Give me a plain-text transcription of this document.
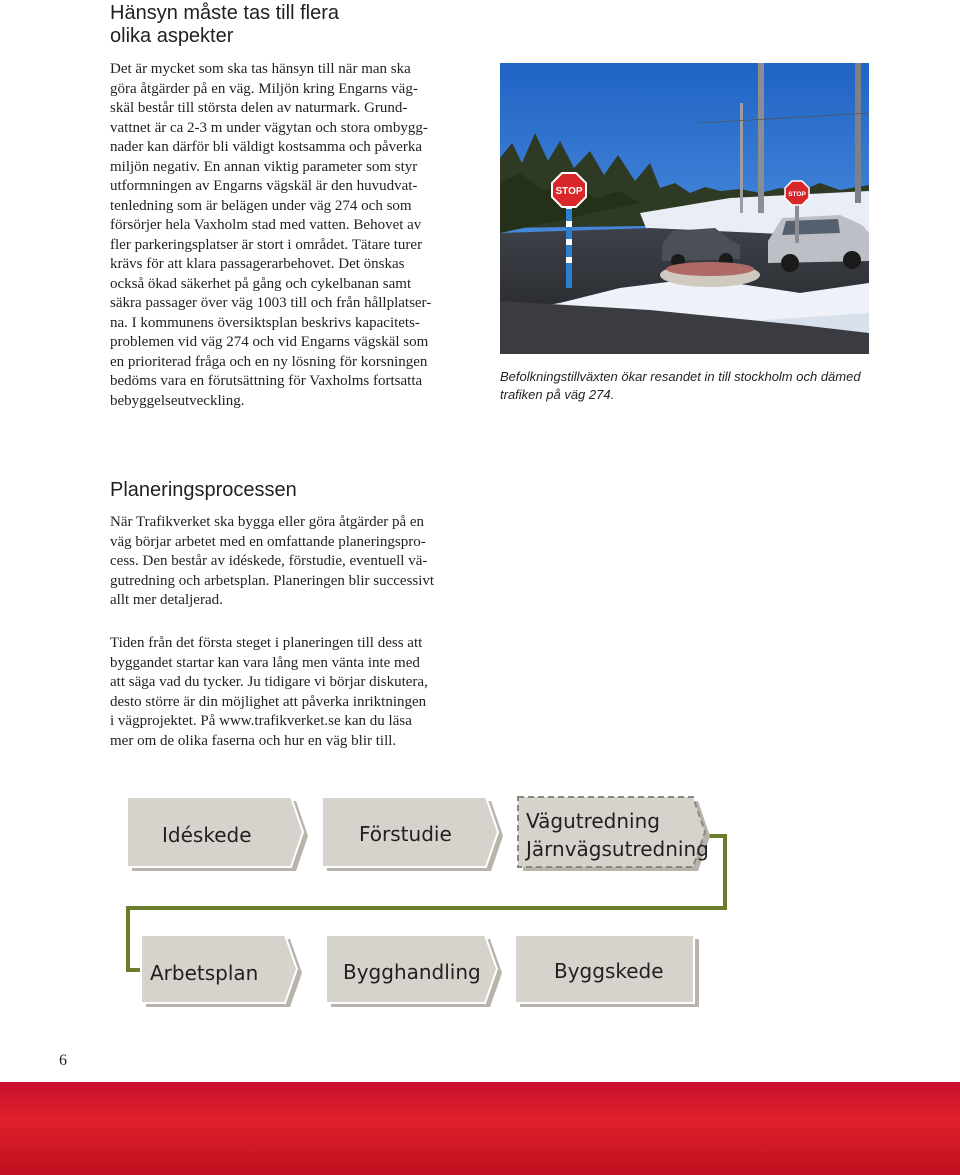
Hänsyn måste tas till flera
olika aspekter

Det är mycket som ska tas hänsyn till när man ska
göra åtgärder på en väg. Miljön kring Engarns väg-
skäl består till största delen av naturmark. Grund-
vattnet är ca 2-3 m under vägytan och stora ombygg-
nader kan därför bli väldigt kostsamma och påverka
miljön negativ. En annan viktig parameter som styr
utformningen av Engarns vägskäl är den huvudvat-
tenledning som är belägen under väg 274 och som
försörjer hela Vaxholm stad med vatten. Behovet av
fler parkeringsplatser är stort i området. Tätare turer
krävs för att klara passagerarbehovet. Det önskas
också ökad säkerhet på gång och cykelbanan samt
säkra passager över väg 1003 till och från hållplatser-
na. I kommunens översiktsplan beskrivs kapacitets-
problemen vid väg 274 och vid Engarns vägskäl som
en prioriterad fråga och en ny lösning för korsningen
bedöms vara en förutsättning för Vaxholms fortsatta
bebyggelseutveckling.

STOP	STOP

Befolkningstillväxten ökar resandet in till stockholm och dämed
trafiken på väg 274.

Planeringsprocessen

När Trafikverket ska bygga eller göra åtgärder på en
väg börjar arbetet med en omfattande planeringspro-
cess. Den består av idéskede, förstudie, eventuell vä-
gutredning och arbetsplan. Planeringen blir successivt
allt mer detaljerad.

Tiden från det första steget i planeringen till dess att
byggandet startar kan vara lång men vänta inte med
att säga vad du tycker. Ju tidigare vi börjar diskutera,
desto större är din möjlighet att påverka inriktningen
i vägprojektet. På www.trafikverket.se kan du läsa
mer om de olika faserna och hur en väg blir till.

Idéskede	Förstudie
Vägutredning
Järnvägsutredning
Arbetsplan	Bygghandling	Byggskede
6
